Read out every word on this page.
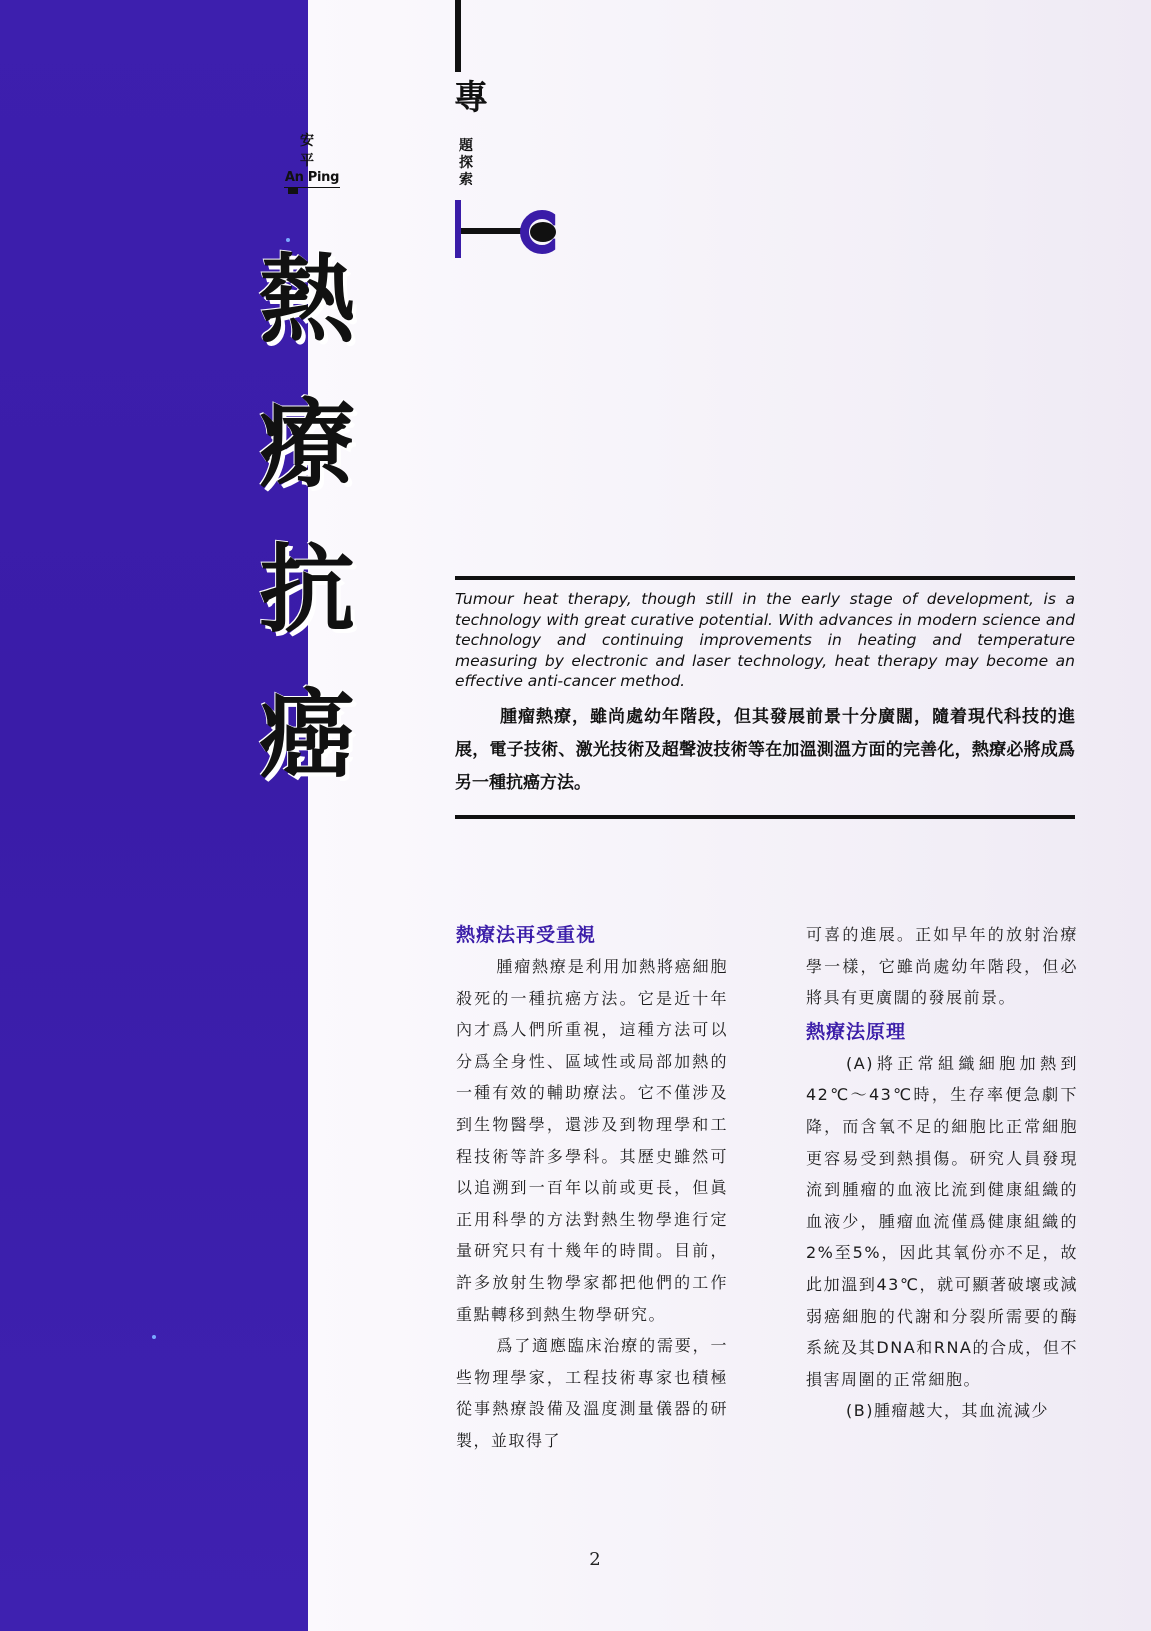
安 平
An Ping
專
題
探
索
熱
療
抗
癌
Tumour heat therapy, though still in the early stage of development, is a technology with great curative potential. With advances in modern science and technology and continuing improvements in heating and temperature measuring by electronic and laser technology, heat therapy may become an effective anti-cancer method.
腫瘤熱療，雖尚處幼年階段，但其發展前景十分廣闊，隨着現代科技的進展，電子技術、激光技術及超聲波技術等在加溫測溫方面的完善化，熱療必將成爲另一種抗癌方法。
熱療法再受重視

腫瘤熱療是利用加熱將癌細胞殺死的一種抗癌方法。它是近十年內才爲人們所重視，這種方法可以分爲全身性、區域性或局部加熱的一種有效的輔助療法。它不僅涉及到生物醫學，還涉及到物理學和工程技術等許多學科。其歷史雖然可以追溯到一百年以前或更長，但眞正用科學的方法對熱生物學進行定量研究只有十幾年的時間。目前，許多放射生物學家都把他們的工作重點轉移到熱生物學研究。

爲了適應臨床治療的需要，一些物理學家，工程技術專家也積極從事熱療設備及溫度測量儀器的研製，並取得了

可喜的進展。正如早年的放射治療學一樣，它雖尚處幼年階段，但必將具有更廣闊的發展前景。

熱療法原理

(A)將正常組織細胞加熱到42℃～43℃時，生存率便急劇下降，而含氧不足的細胞比正常細胞更容易受到熱損傷。研究人員發現流到腫瘤的血液比流到健康組織的血液少，腫瘤血流僅爲健康組織的2%至5%，因此其氧份亦不足，故此加溫到43℃，就可顯著破壞或減弱癌細胞的代謝和分裂所需要的酶系統及其DNA和RNA的合成，但不損害周圍的正常細胞。

(B)腫瘤越大，其血流減少

2
